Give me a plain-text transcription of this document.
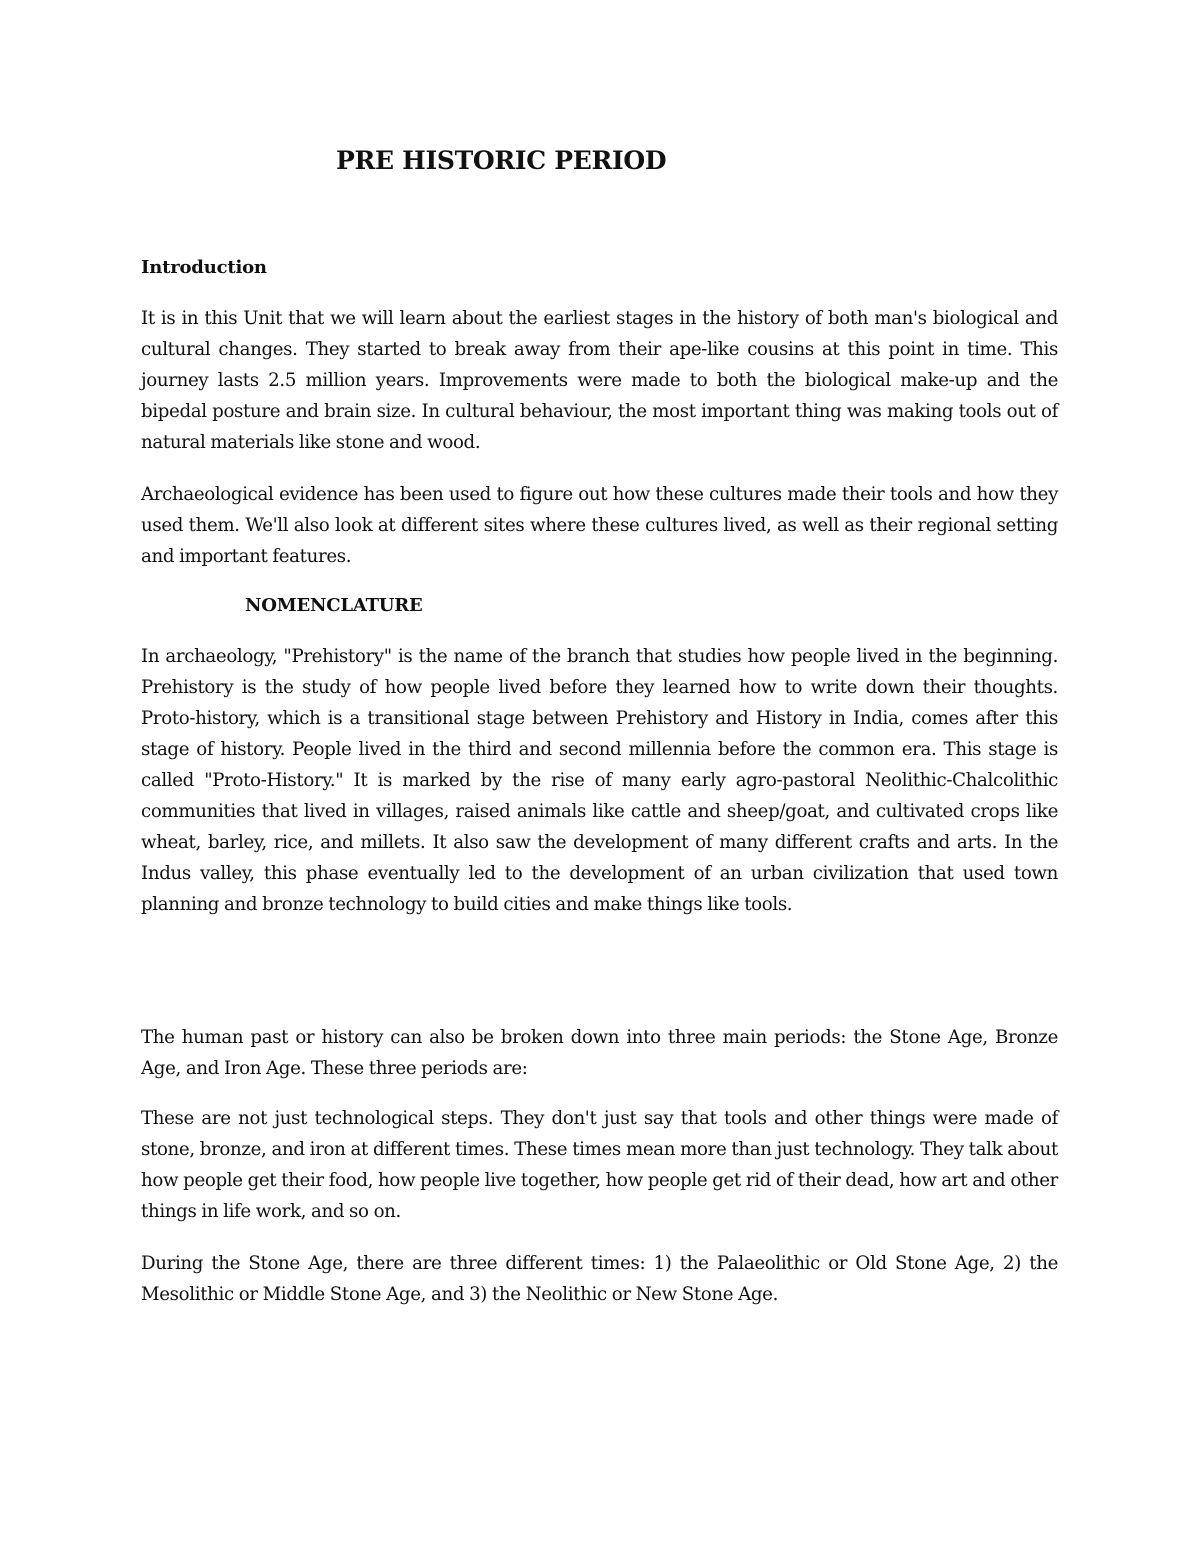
PRE HISTORIC PERIOD
Introduction

It is in this Unit that we will learn about the earliest stages in the history of both man's biological and cultural changes. They started to break away from their ape-like cousins at this point in time. This journey lasts 2.5 million years. Improvements were made to both the biological make-up and the bipedal posture and brain size. In cultural behaviour, the most important thing was making tools out of natural materials like stone and wood.

Archaeological evidence has been used to figure out how these cultures made their tools and how they used them. We'll also look at different sites where these cultures lived, as well as their regional setting and important features.

NOMENCLATURE

In archaeology, "Prehistory" is the name of the branch that studies how people lived in the beginning. Prehistory is the study of how people lived before they learned how to write down their thoughts. Proto-history, which is a transitional stage between Prehistory and History in India, comes after this stage of history. People lived in the third and second millennia before the common era. This stage is called "Proto-History." It is marked by the rise of many early agro-pastoral Neolithic-Chalcolithic communities that lived in villages, raised animals like cattle and sheep/goat, and cultivated crops like wheat, barley, rice, and millets. It also saw the development of many different crafts and arts. In the Indus valley, this phase eventually led to the development of an urban civilization that used town planning and bronze technology to build cities and make things like tools.

The human past or history can also be broken down into three main periods: the Stone Age, Bronze Age, and Iron Age. These three periods are:

These are not just technological steps. They don't just say that tools and other things were made of stone, bronze, and iron at different times. These times mean more than just technology. They talk about how people get their food, how people live together, how people get rid of their dead, how art and other things in life work, and so on.

During the Stone Age, there are three different times: 1) the Palaeolithic or Old Stone Age, 2) the Mesolithic or Middle Stone Age, and 3) the Neolithic or New Stone Age.
